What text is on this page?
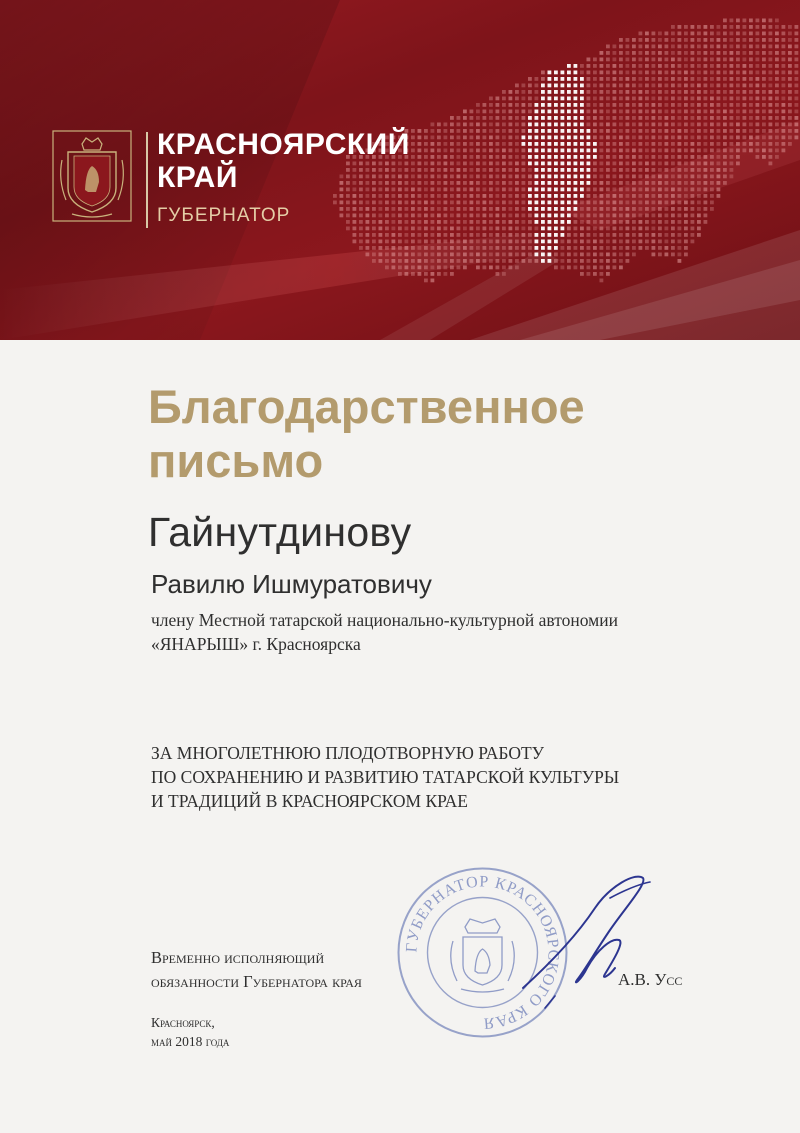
КРАСНОЯРСКИЙ
КРАЙ
ГУБЕРНАТОР
Благодарственное
письмо
Гайнутдинову
Равилю Ишмуратовичу
члену Местной татарской национально-культурной автономии
«ЯНАРЫШ» г. Красноярска
ЗА МНОГОЛЕТНЮЮ ПЛОДОТВОРНУЮ РАБОТУ
ПО СОХРАНЕНИЮ И РАЗВИТИЮ ТАТАРСКОЙ КУЛЬТУРЫ
И ТРАДИЦИЙ В КРАСНОЯРСКОМ КРАЕ
ГУБЕРНАТОР КРАСНОЯРСКОГО КРАЯ
Временно исполняющий
обязанности Губернатора края	А.В. Усс
Красноярск,
май 2018 года
